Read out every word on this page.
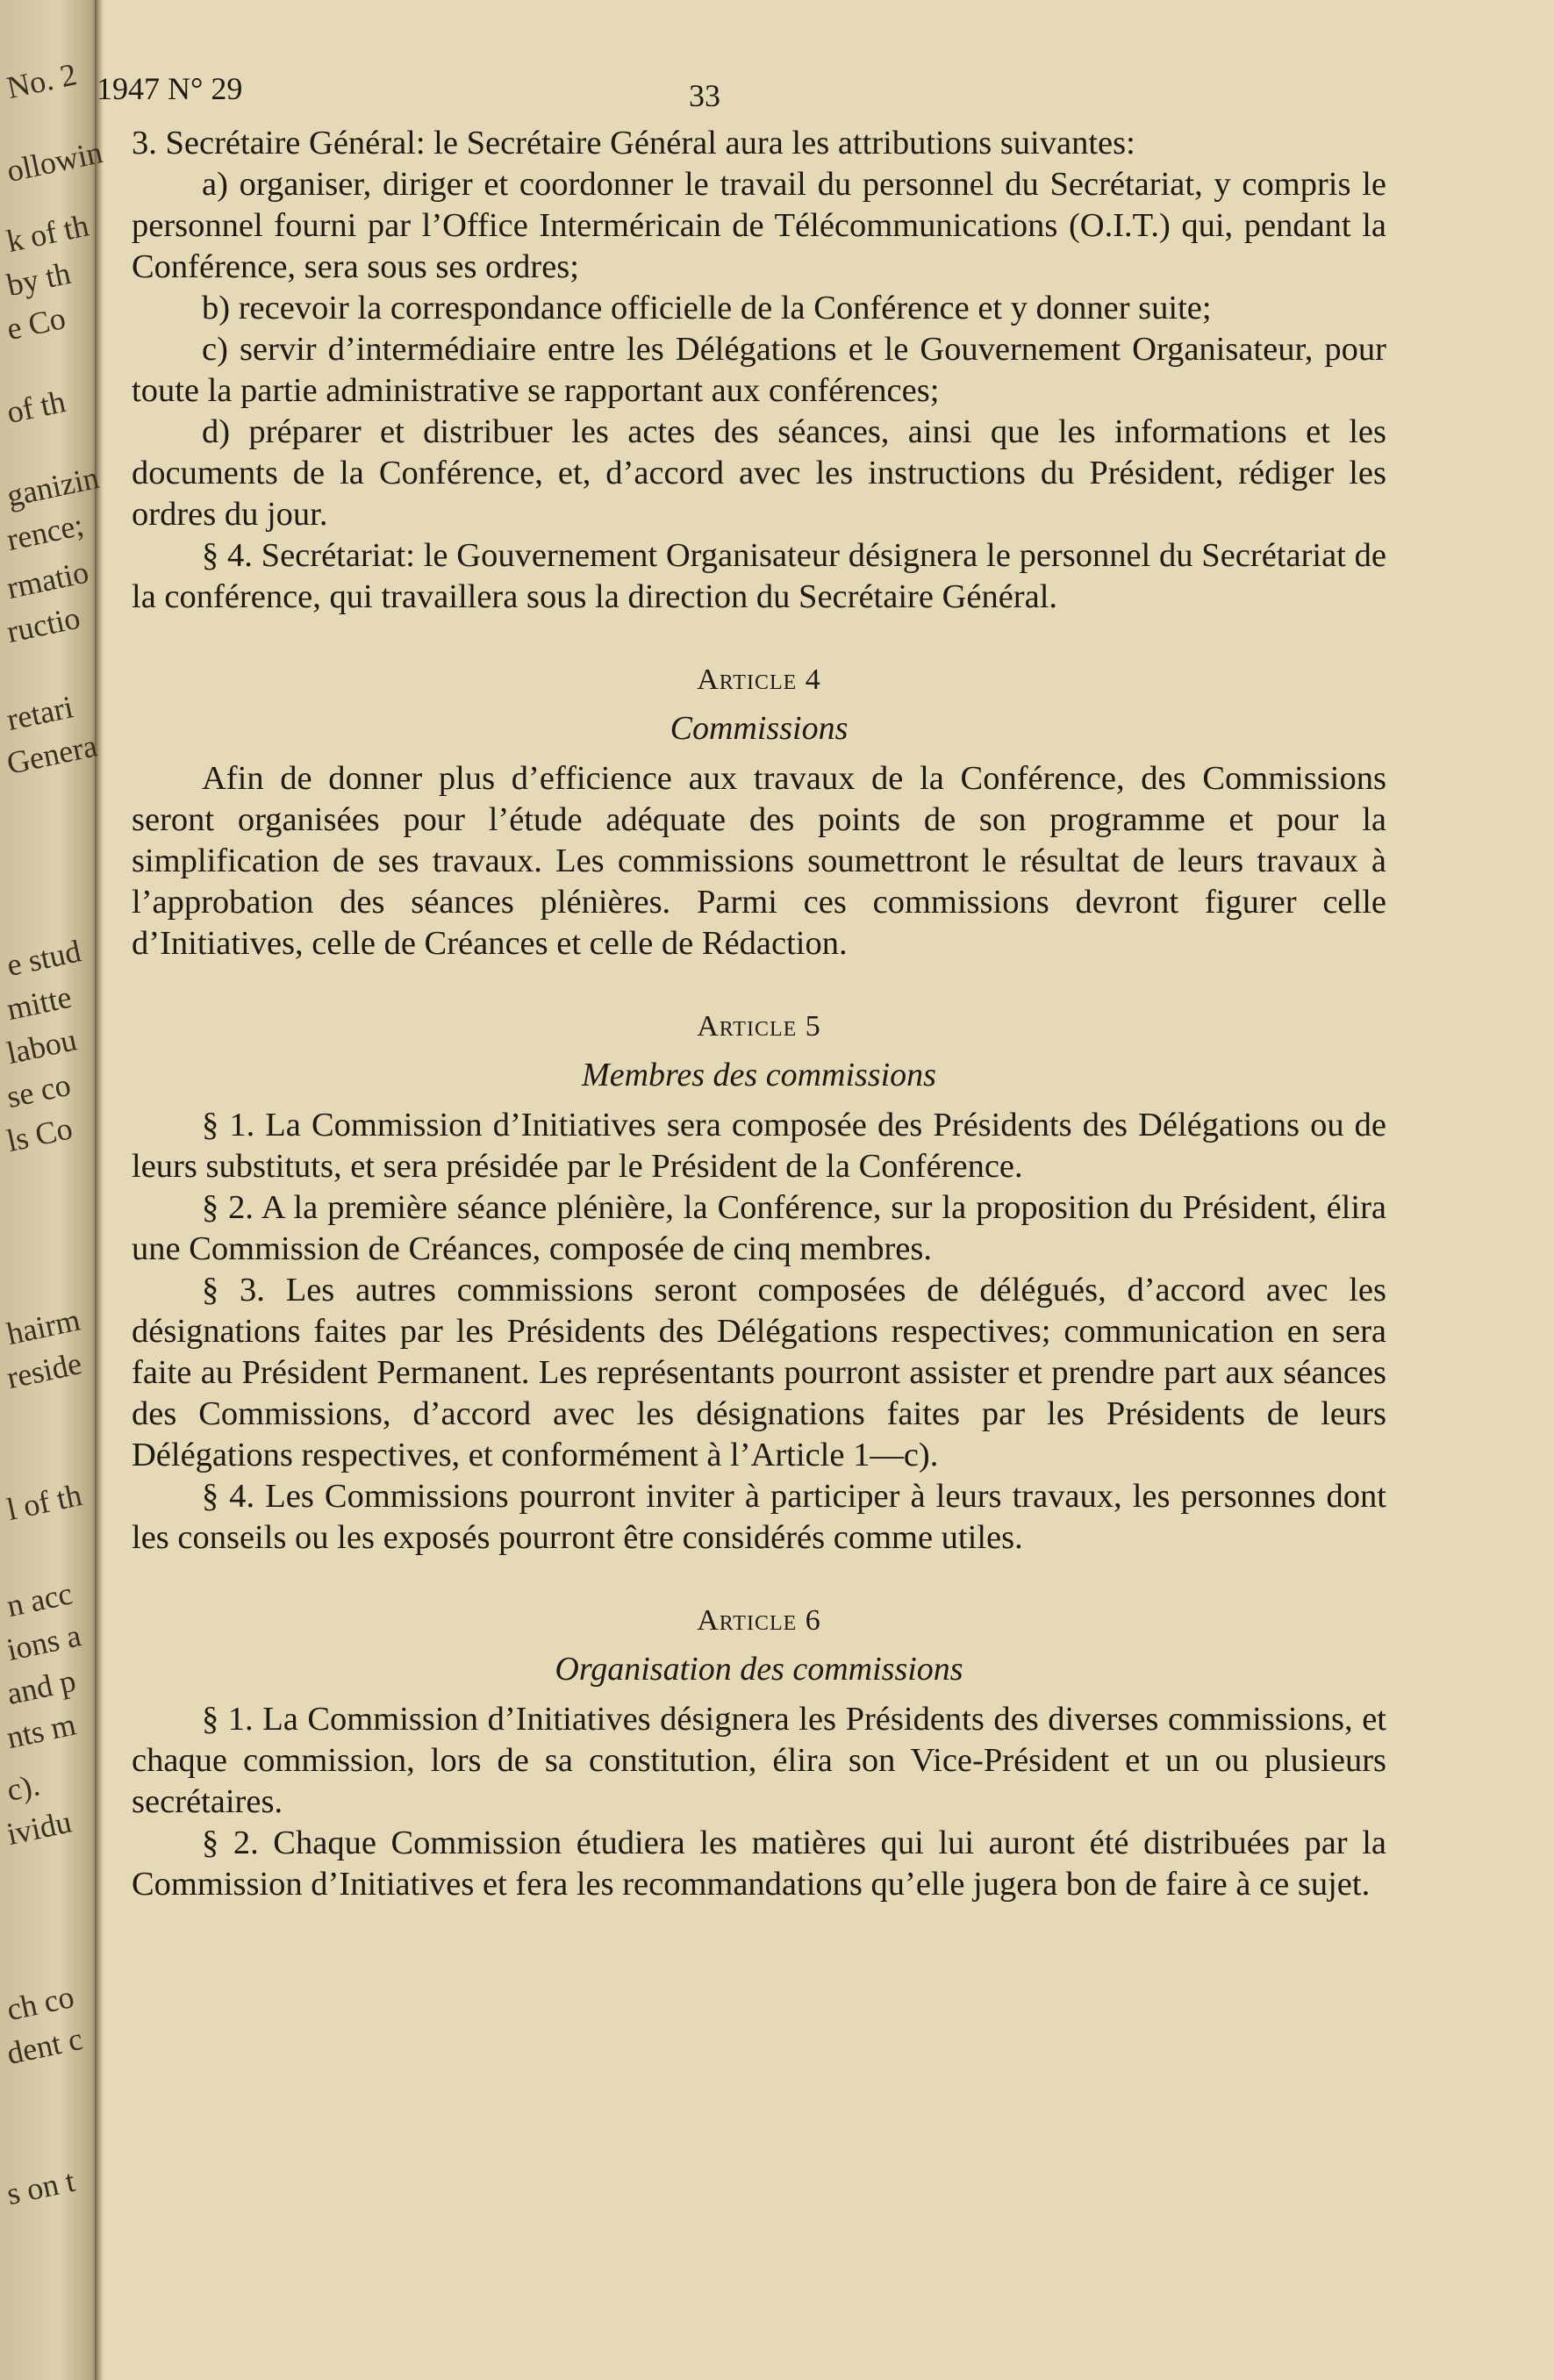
No. 2
ollowin
k of th
by th
e Co
of th
ganizin
rence;
rmatio
ructio
retari
Genera
e stud
mitte
labou
se co
ls Co
hairm
reside
l of th
n acc
ions a
and p
nts m
c).
ividu
ch co
dent c
s on t
1947 N° 29	33

3. Secrétaire Général: le Secrétaire Général aura les attributions suivantes:

a) organiser, diriger et coordonner le travail du personnel du Secrétariat, y compris le personnel fourni par l’Office Interméricain de Télécommunications (O.I.T.) qui, pendant la Conférence, sera sous ses ordres;

b) recevoir la correspondance officielle de la Conférence et y donner suite;

c) servir d’intermédiaire entre les Délégations et le Gouvernement Organisateur, pour toute la partie administrative se rapportant aux conférences;

d) préparer et distribuer les actes des séances, ainsi que les informations et les documents de la Conférence, et, d’accord avec les instructions du Président, rédiger les ordres du jour.

§ 4. Secrétariat: le Gouvernement Organisateur désignera le personnel du Secrétariat de la conférence, qui travaillera sous la direction du Secrétaire Général.

Article 4
Commissions

Afin de donner plus d’efficience aux travaux de la Conférence, des Commissions seront organisées pour l’étude adéquate des points de son programme et pour la simplification de ses travaux. Les commissions soumettront le résultat de leurs travaux à l’approbation des séances plénières. Parmi ces commissions devront figurer celle d’Initiatives, celle de Créances et celle de Rédaction.

Article 5
Membres des commissions

§ 1. La Commission d’Initiatives sera composée des Présidents des Délégations ou de leurs substituts, et sera présidée par le Président de la Conférence.

§ 2. A la première séance plénière, la Conférence, sur la proposition du Président, élira une Commission de Créances, composée de cinq membres.

§ 3. Les autres commissions seront composées de délégués, d’accord avec les désignations faites par les Présidents des Délégations respectives; communication en sera faite au Président Permanent. Les représentants pourront assister et prendre part aux séances des Commissions, d’accord avec les désignations faites par les Présidents de leurs Délégations respectives, et conformément à l’Article 1—c).

§ 4. Les Commissions pourront inviter à participer à leurs travaux, les personnes dont les conseils ou les exposés pourront être considérés comme utiles.

Article 6
Organisation des commissions

§ 1. La Commission d’Initiatives désignera les Présidents des diverses commissions, et chaque commission, lors de sa constitution, élira son Vice-Président et un ou plusieurs secrétaires.

§ 2. Chaque Commission étudiera les matières qui lui auront été distribuées par la Commission d’Initiatives et fera les recommandations qu’elle jugera bon de faire à ce sujet.
